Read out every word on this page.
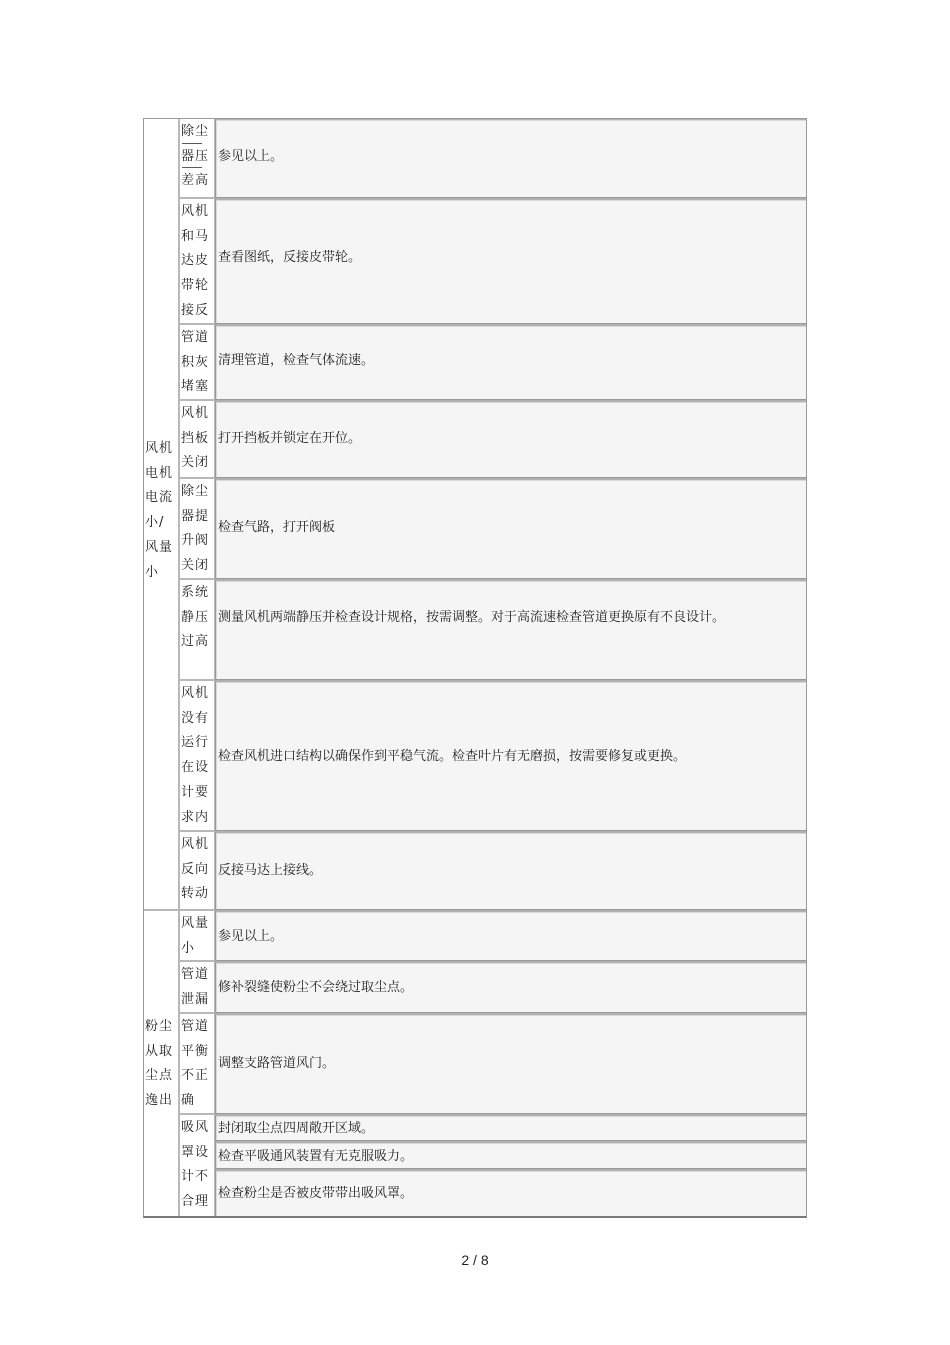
风机电机电流小/风量小
除尘器压差高
风机和马达皮带轮接反
管道积灰堵塞
风机挡板关闭
除尘器提升阀关闭
系统静压过高
风机没有运行在设计要求内
风机反向转动
参见以上。
查看图纸，反接皮带轮。
清理管道，检查气体流速。
打开挡板并锁定在开位。
检查气路，打开阀板
测量风机两端静压并检查设计规格，按需调整。对于高流速检查管道更换原有不良设计。
检查风机进口结构以确保作到平稳气流。检查叶片有无磨损，按需要修复或更换。
反接马达上接线。
粉尘从取尘点逸出
风量小
管道泄漏
管道平衡不正确
吸风罩设计不合理
参见以上。
修补裂缝使粉尘不会绕过取尘点。
调整支路管道风门。
封闭取尘点四周敞开区域。
检查平吸通风装置有无克服吸力。
检查粉尘是否被皮带带出吸风罩。
2 / 8
